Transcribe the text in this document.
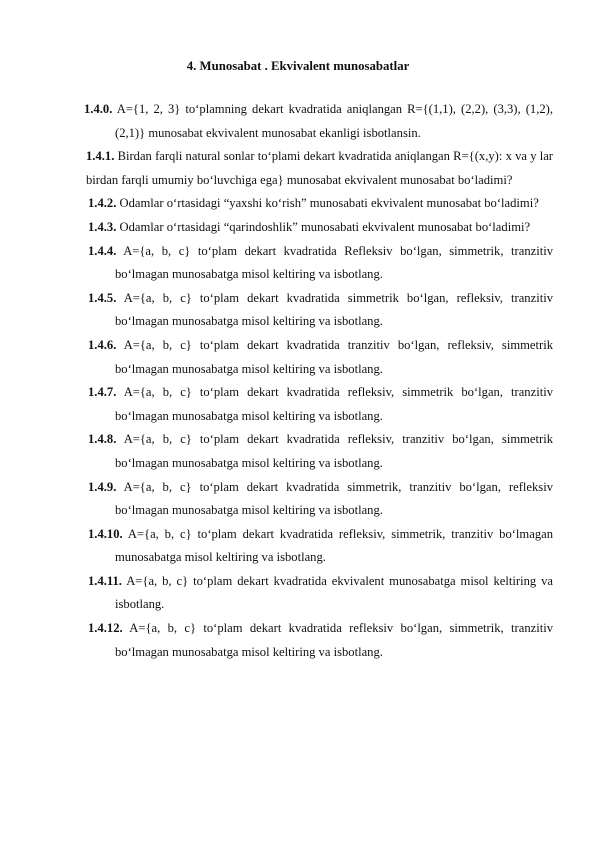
4. Munosabat . Ekvivalent munosabatlar

1.4.0. A={1, 2, 3} to‘plamning dekart kvadratida aniqlangan R={(1,1), (2,2), (3,3), (1,2), (2,1)} munosabat ekvivalent munosabat ekanligi isbotlansin.

1.4.1. Birdan farqli natural sonlar to‘plami dekart kvadratida aniqlangan R={(x,y): x va y lar birdan farqli umumiy bo‘luvchiga ega} munosabat ekvivalent munosabat bo‘ladimi?

1.4.2. Odamlar o‘rtasidagi “yaxshi ko‘rish” munosabati ekvivalent munosabat bo‘ladimi?

1.4.3. Odamlar o‘rtasidagi “qarindoshlik” munosabati ekvivalent munosabat bo‘ladimi?

1.4.4. A={a, b, c} to‘plam dekart kvadratida Refleksiv bo‘lgan, simmetrik, tranzitiv bo‘lmagan munosabatga misol keltiring va isbotlang.

1.4.5. A={a, b, c} to‘plam dekart kvadratida simmetrik bo‘lgan, refleksiv, tranzitiv bo‘lmagan munosabatga misol keltiring va isbotlang.

1.4.6. A={a, b, c} to‘plam dekart kvadratida tranzitiv bo‘lgan, refleksiv, simmetrik bo‘lmagan munosabatga misol keltiring va isbotlang.

1.4.7. A={a, b, c} to‘plam dekart kvadratida refleksiv, simmetrik bo‘lgan, tranzitiv bo‘lmagan munosabatga misol keltiring va isbotlang.

1.4.8. A={a, b, c} to‘plam dekart kvadratida refleksiv, tranzitiv bo‘lgan, simmetrik bo‘lmagan munosabatga misol keltiring va isbotlang.

1.4.9. A={a, b, c} to‘plam dekart kvadratida simmetrik, tranzitiv bo‘lgan, refleksiv bo‘lmagan munosabatga misol keltiring va isbotlang.

1.4.10. A={a, b, c} to‘plam dekart kvadratida refleksiv, simmetrik, tranzitiv bo‘lmagan munosabatga misol keltiring va isbotlang.

1.4.11. A={a, b, c} to‘plam dekart kvadratida ekvivalent munosabatga misol keltiring va isbotlang.

1.4.12. A={a, b, c} to‘plam dekart kvadratida refleksiv bo‘lgan, simmetrik, tranzitiv bo‘lmagan munosabatga misol keltiring va isbotlang.
